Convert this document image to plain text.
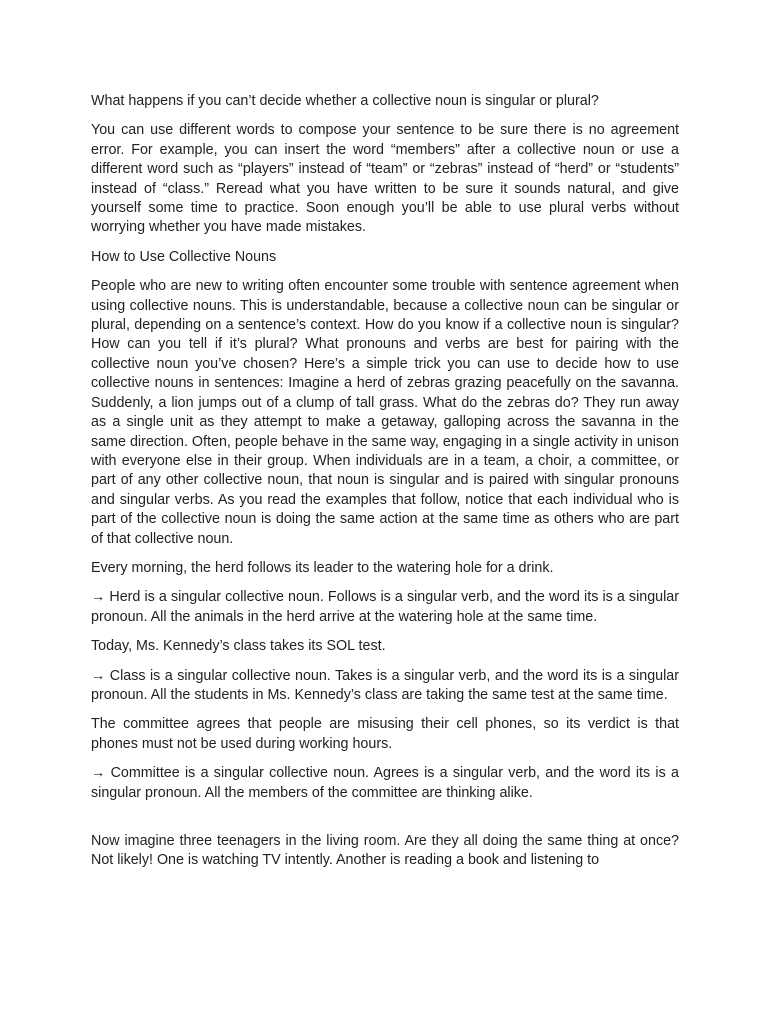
What happens if you can’t decide whether a collective noun is singular or plural?

You can use different words to compose your sentence to be sure there is no agreement error. For example, you can insert the word “members” after a collective noun or use a different word such as “players” instead of “team” or “zebras” instead of “herd” or “students” instead of “class.” Reread what you have written to be sure it sounds natural, and give yourself some time to practice. Soon enough you’ll be able to use plural verbs without worrying whether you have made mistakes.

How to Use Collective Nouns

People who are new to writing often encounter some trouble with sentence agreement when using collective nouns. This is understandable, because a collective noun can be singular or plural, depending on a sentence’s context. How do you know if a collective noun is singular? How can you tell if it’s plural? What pronouns and verbs are best for pairing with the collective noun you’ve chosen? Here’s a simple trick you can use to decide how to use collective nouns in sentences: Imagine a herd of zebras grazing peacefully on the savanna. Suddenly, a lion jumps out of a clump of tall grass. What do the zebras do? They run away as a single unit as they attempt to make a getaway, galloping across the savanna in the same direction. Often, people behave in the same way, engaging in a single activity in unison with everyone else in their group. When individuals are in a team, a choir, a committee, or part of any other collective noun, that noun is singular and is paired with singular pronouns and singular verbs. As you read the examples that follow, notice that each individual who is part of the collective noun is doing the same action at the same time as others who are part of that collective noun.

Every morning, the herd follows its leader to the watering hole for a drink.

→ Herd is a singular collective noun. Follows is a singular verb, and the word its is a singular pronoun. All the animals in the herd arrive at the watering hole at the same time.

Today, Ms. Kennedy’s class takes its SOL test.

→ Class is a singular collective noun. Takes is a singular verb, and the word its is a singular pronoun. All the students in Ms. Kennedy’s class are taking the same test at the same time.

The committee agrees that people are misusing their cell phones, so its verdict is that phones must not be used during working hours.

→ Committee is a singular collective noun. Agrees is a singular verb, and the word its is a singular pronoun. All the members of the committee are thinking alike.

Now imagine three teenagers in the living room. Are they all doing the same thing at once? Not likely! One is watching TV intently. Another is reading a book and listening to
